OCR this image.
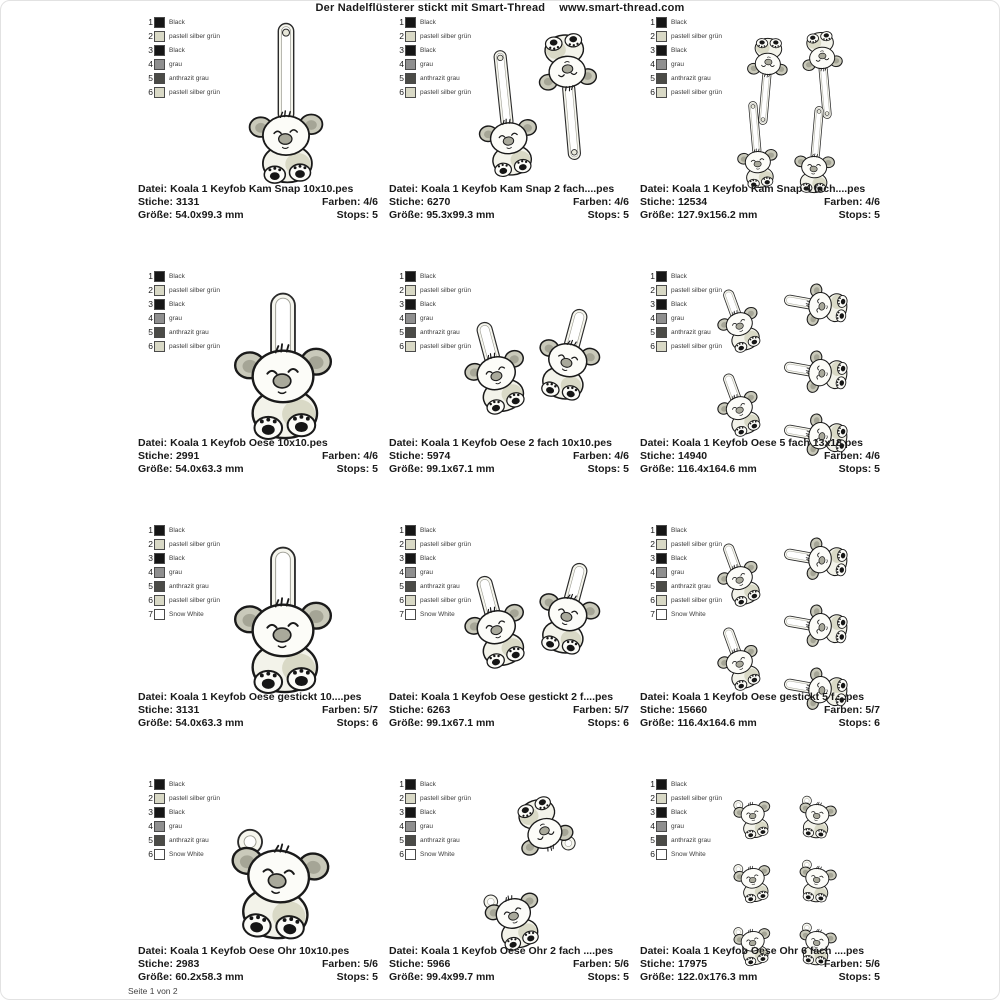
Der Nadelflüsterer stickt mit Smart-Thread www.smart-thread.com
1 Black
2 pastell silber grün
3 Black
4 grau
5 anthrazit grau
6 pastell silber grün
Datei: Koala 1 Keyfob Kam Snap 10x10.pes
Stiche: 3131	Farben: 4/6
Größe: 54.0x99.3 mm	Stops: 5
1 Black
2 pastell silber grün
3 Black
4 grau
5 anthrazit grau
6 pastell silber grün
Datei: Koala 1 Keyfob Kam Snap 2 fach....pes
Stiche: 6270	Farben: 4/6
Größe: 95.3x99.3 mm	Stops: 5
1 Black
2 pastell silber grün
3 Black
4 grau
5 anthrazit grau
6 pastell silber grün
Datei: Koala 1 Keyfob Kam Snap 4 fach....pes
Stiche: 12534	Farben: 4/6
Größe: 127.9x156.2 mm	Stops: 5
1 Black
2 pastell silber grün
3 Black
4 grau
5 anthrazit grau
6 pastell silber grün
Datei: Koala 1 Keyfob Oese 10x10.pes
Stiche: 2991	Farben: 4/6
Größe: 54.0x63.3 mm	Stops: 5
1 Black
2 pastell silber grün
3 Black
4 grau
5 anthrazit grau
6 pastell silber grün
Datei: Koala 1 Keyfob Oese 2 fach 10x10.pes
Stiche: 5974	Farben: 4/6
Größe: 99.1x67.1 mm	Stops: 5
1 Black
2 pastell silber grün
3 Black
4 grau
5 anthrazit grau
6 pastell silber grün
Datei: Koala 1 Keyfob Oese 5 fach 13x18.pes
Stiche: 14940	Farben: 4/6
Größe: 116.4x164.6 mm	Stops: 5
1 Black
2 pastell silber grün
3 Black
4 grau
5 anthrazit grau
6 pastell silber grün
7 Snow White
Datei: Koala 1 Keyfob Oese gestickt 10....pes
Stiche: 3131	Farben: 5/7
Größe: 54.0x63.3 mm	Stops: 6
1 Black
2 pastell silber grün
3 Black
4 grau
5 anthrazit grau
6 pastell silber grün
7 Snow White
Datei: Koala 1 Keyfob Oese gestickt 2 f....pes
Stiche: 6263	Farben: 5/7
Größe: 99.1x67.1 mm	Stops: 6
1 Black
2 pastell silber grün
3 Black
4 grau
5 anthrazit grau
6 pastell silber grün
7 Snow White
Datei: Koala 1 Keyfob Oese gestickt 5 f....pes
Stiche: 15660	Farben: 5/7
Größe: 116.4x164.6 mm	Stops: 6
1 Black
2 pastell silber grün
3 Black
4 grau
5 anthrazit grau
6 Snow White
Datei: Koala 1 Keyfob Oese Ohr 10x10.pes
Stiche: 2983	Farben: 5/6
Größe: 60.2x58.3 mm	Stops: 5
1 Black
2 pastell silber grün
3 Black
4 grau
5 anthrazit grau
6 Snow White
Datei: Koala 1 Keyfob Oese Ohr 2 fach ....pes
Stiche: 5966	Farben: 5/6
Größe: 99.4x99.7 mm	Stops: 5
1 Black
2 pastell silber grün
3 Black
4 grau
5 anthrazit grau
6 Snow White
Datei: Koala 1 Keyfob Oese Ohr 6 fach ....pes
Stiche: 17975	Farben: 5/6
Größe: 122.0x176.3 mm	Stops: 5
Seite 1 von 2
